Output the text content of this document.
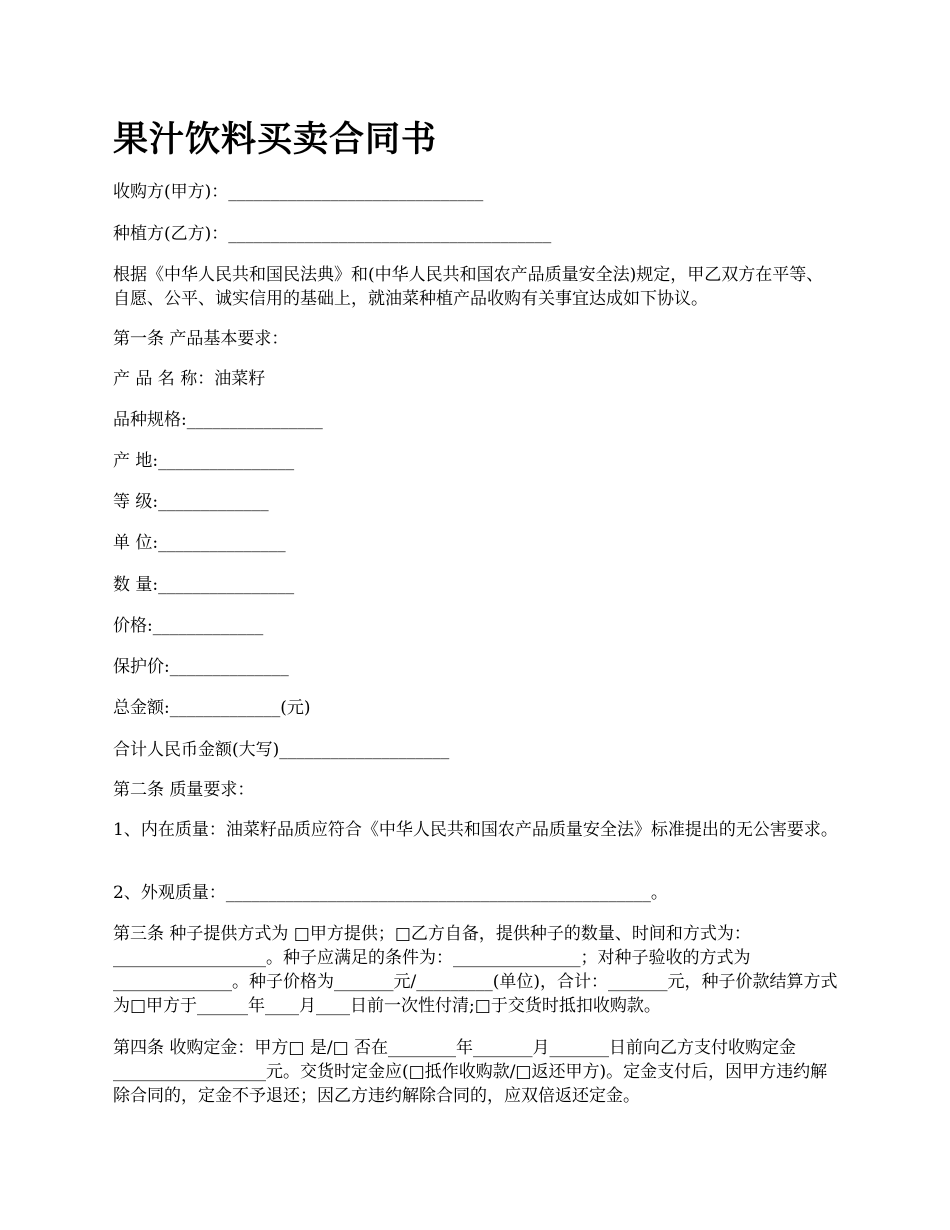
果汁饮料买卖合同书
收购方(甲方)：______________________________
种植方(乙方)：______________________________________
根据《中华人民共和国民法典》和(中华人民共和国农产品质量安全法)规定，甲乙双方在平等、自愿、公平、诚实信用的基础上，就油菜种植产品收购有关事宜达成如下协议。
第一条 产品基本要求：
产 品 名 称：油菜籽
品种规格:________________
产 地:________________
等 级:_____________
单 位:_______________
数 量:________________
价格:_____________
保护价:______________
总金额:_____________(元)
合计人民币金额(大写)____________________
第二条 质量要求：
1、内在质量：油菜籽品质应符合《中华人民共和国农产品质量安全法》标准提出的无公害要求。
2、外观质量：__________________________________________________。
第三条 种子提供方式为 □甲方提供；□乙方自备，提供种子的数量、时间和方式为：__________________。种子应满足的条件为：_______________；对种子验收的方式为______________。种子价格为_______元/_________(单位)，合计：_______元，种子价款结算方式为□甲方于______年____月____日前一次性付清;□于交货时抵扣收购款。
第四条 收购定金：甲方□ 是/□ 否在________年_______月_______日前向乙方支付收购定金__________________元。交货时定金应(□抵作收购款/□返还甲方)。定金支付后，因甲方违约解除合同的，定金不予退还；因乙方违约解除合同的，应双倍返还定金。
